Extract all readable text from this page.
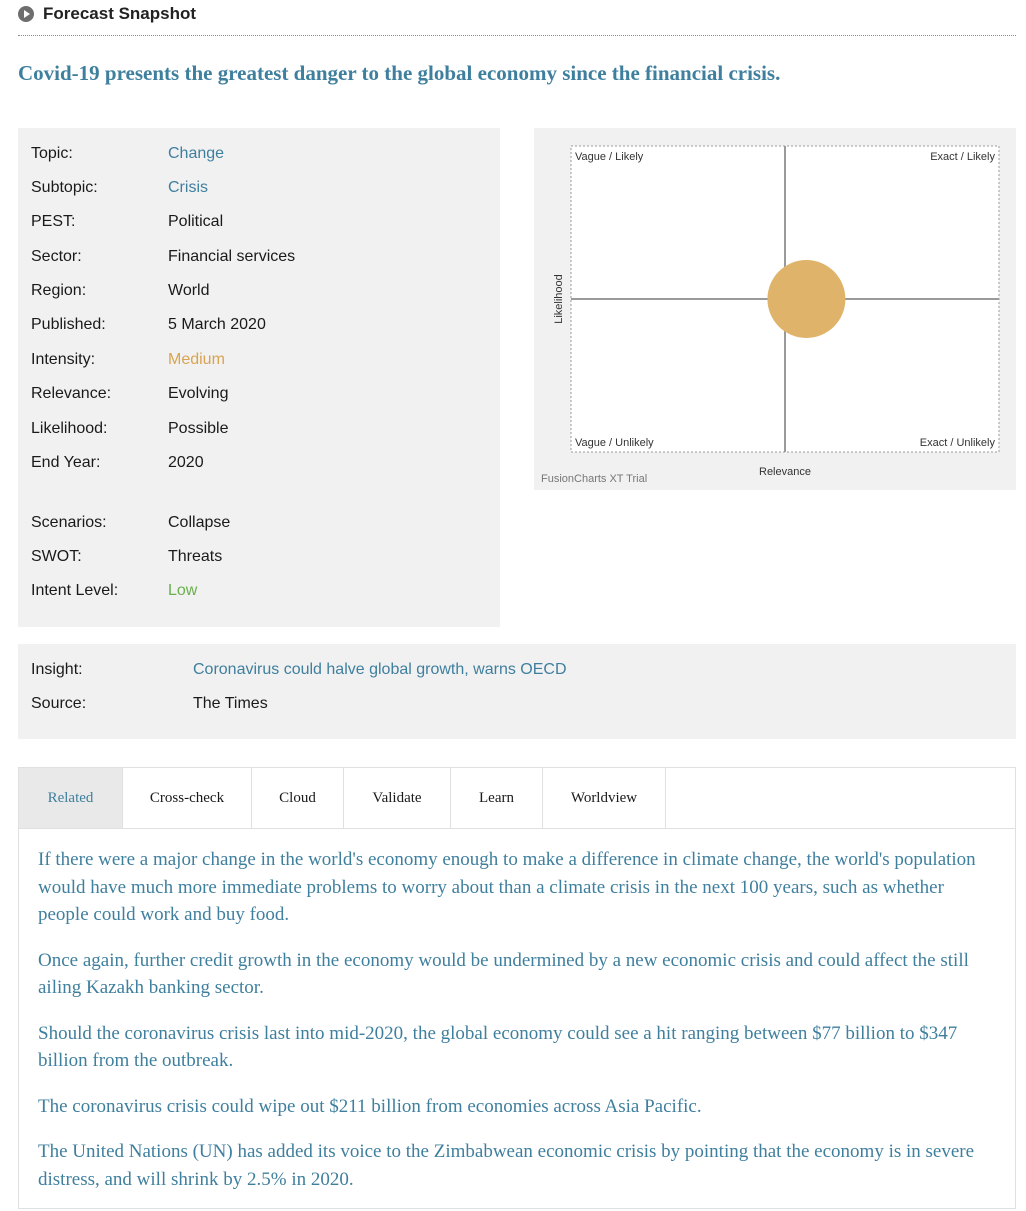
Forecast Snapshot
Covid-19 presents the greatest danger to the global economy since the financial crisis.
Topic:	Change
Subtopic:	Crisis
PEST:	Political
Sector:	Financial services
Region:	World
Published:	5 March 2020
Intensity:	Medium
Relevance:	Evolving
Likelihood:	Possible
End Year:	2020
Scenarios:	Collapse
SWOT:	Threats
Intent Level:	Low
Vague / Likely	Exact / Likely
Vague / Unlikely	Exact / Unlikely
Relevance
Likelihood
FusionCharts XT Trial
Insight:	Coronavirus could halve global growth, warns OECD
Source:	The Times
Related	Cross-check	Cloud	Validate	Learn	Worldview

If there were a major change in the world's economy enough to make a difference in climate change, the world's population would have much more immediate problems to worry about than a climate crisis in the next 100 years, such as whether people could work and buy food.

Once again, further credit growth in the economy would be undermined by a new economic crisis and could affect the still ailing Kazakh banking sector.

Should the coronavirus crisis last into mid-2020, the global economy could see a hit ranging between $77 billion to $347 billion from the outbreak.

The coronavirus crisis could wipe out $211 billion from economies across Asia Pacific.

The United Nations (UN) has added its voice to the Zimbabwean economic crisis by pointing that the economy is in severe distress, and will shrink by 2.5% in 2020.
